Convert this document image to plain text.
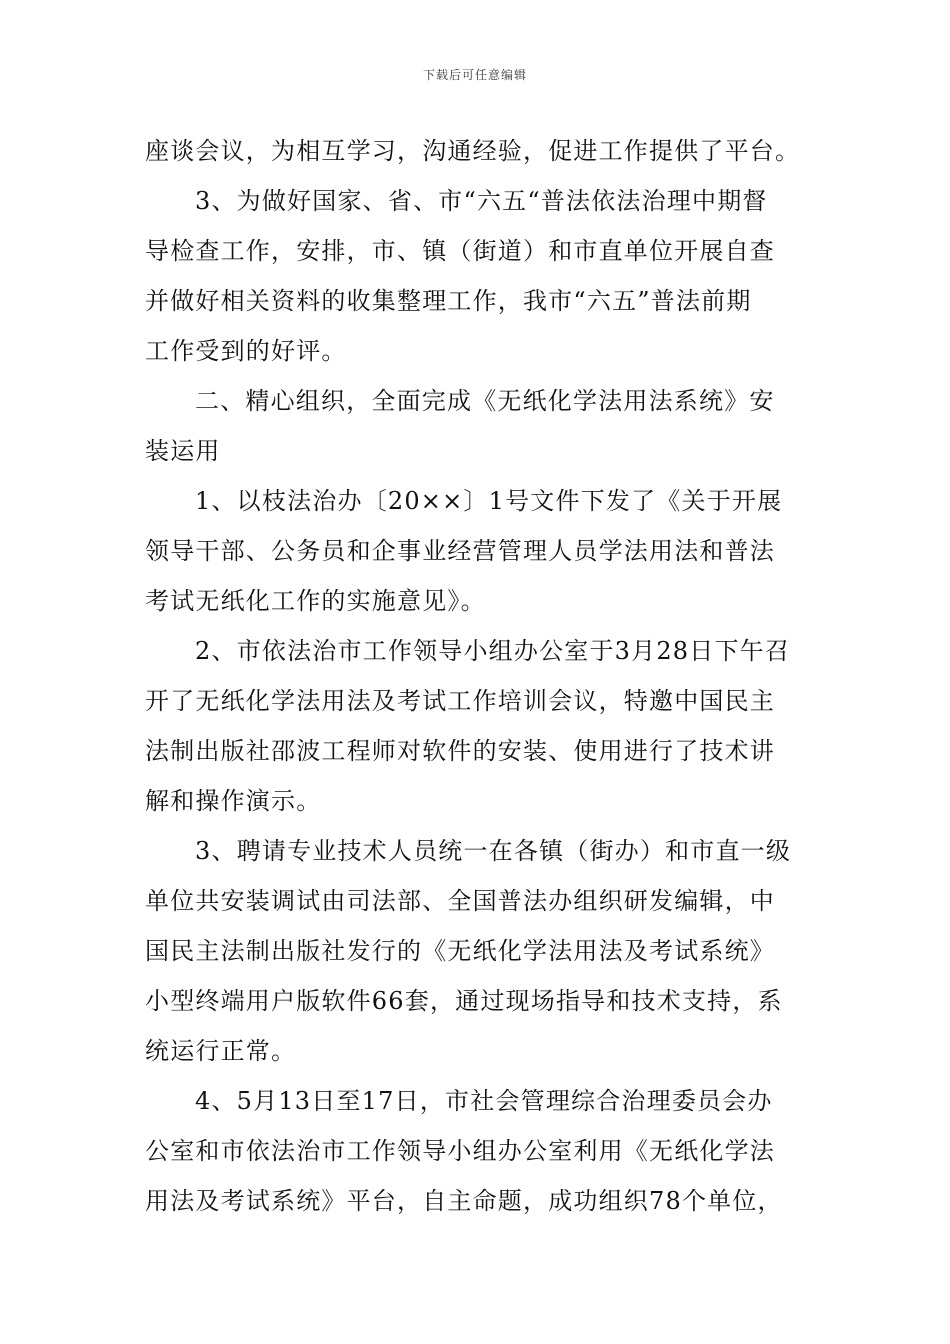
下载后可任意编辑
座谈会议，为相互学习，沟通经验，促进工作提供了平台。
3、为做好国家、省、市“六五“普法依法治理中期督
导检查工作，安排，市、镇（街道）和市直单位开展自查
并做好相关资料的收集整理工作，我市“六五”普法前期
工作受到的好评。
二、精心组织，全面完成《无纸化学法用法系统》安
装运用
1、以枝法治办〔20××〕1号文件下发了《关于开展
领导干部、公务员和企事业经营管理人员学法用法和普法
考试无纸化工作的实施意见》。
2、市依法治市工作领导小组办公室于3月28日下午召
开了无纸化学法用法及考试工作培训会议，特邀中国民主
法制出版社邵波工程师对软件的安装、使用进行了技术讲
解和操作演示。
3、聘请专业技术人员统一在各镇（街办）和市直一级
单位共安装调试由司法部、全国普法办组织研发编辑，中
国民主法制出版社发行的《无纸化学法用法及考试系统》
小型终端用户版软件66套，通过现场指导和技术支持，系
统运行正常。
4、5月13日至17日，市社会管理综合治理委员会办
公室和市依法治市工作领导小组办公室利用《无纸化学法
用法及考试系统》平台，自主命题，成功组织78个单位，
